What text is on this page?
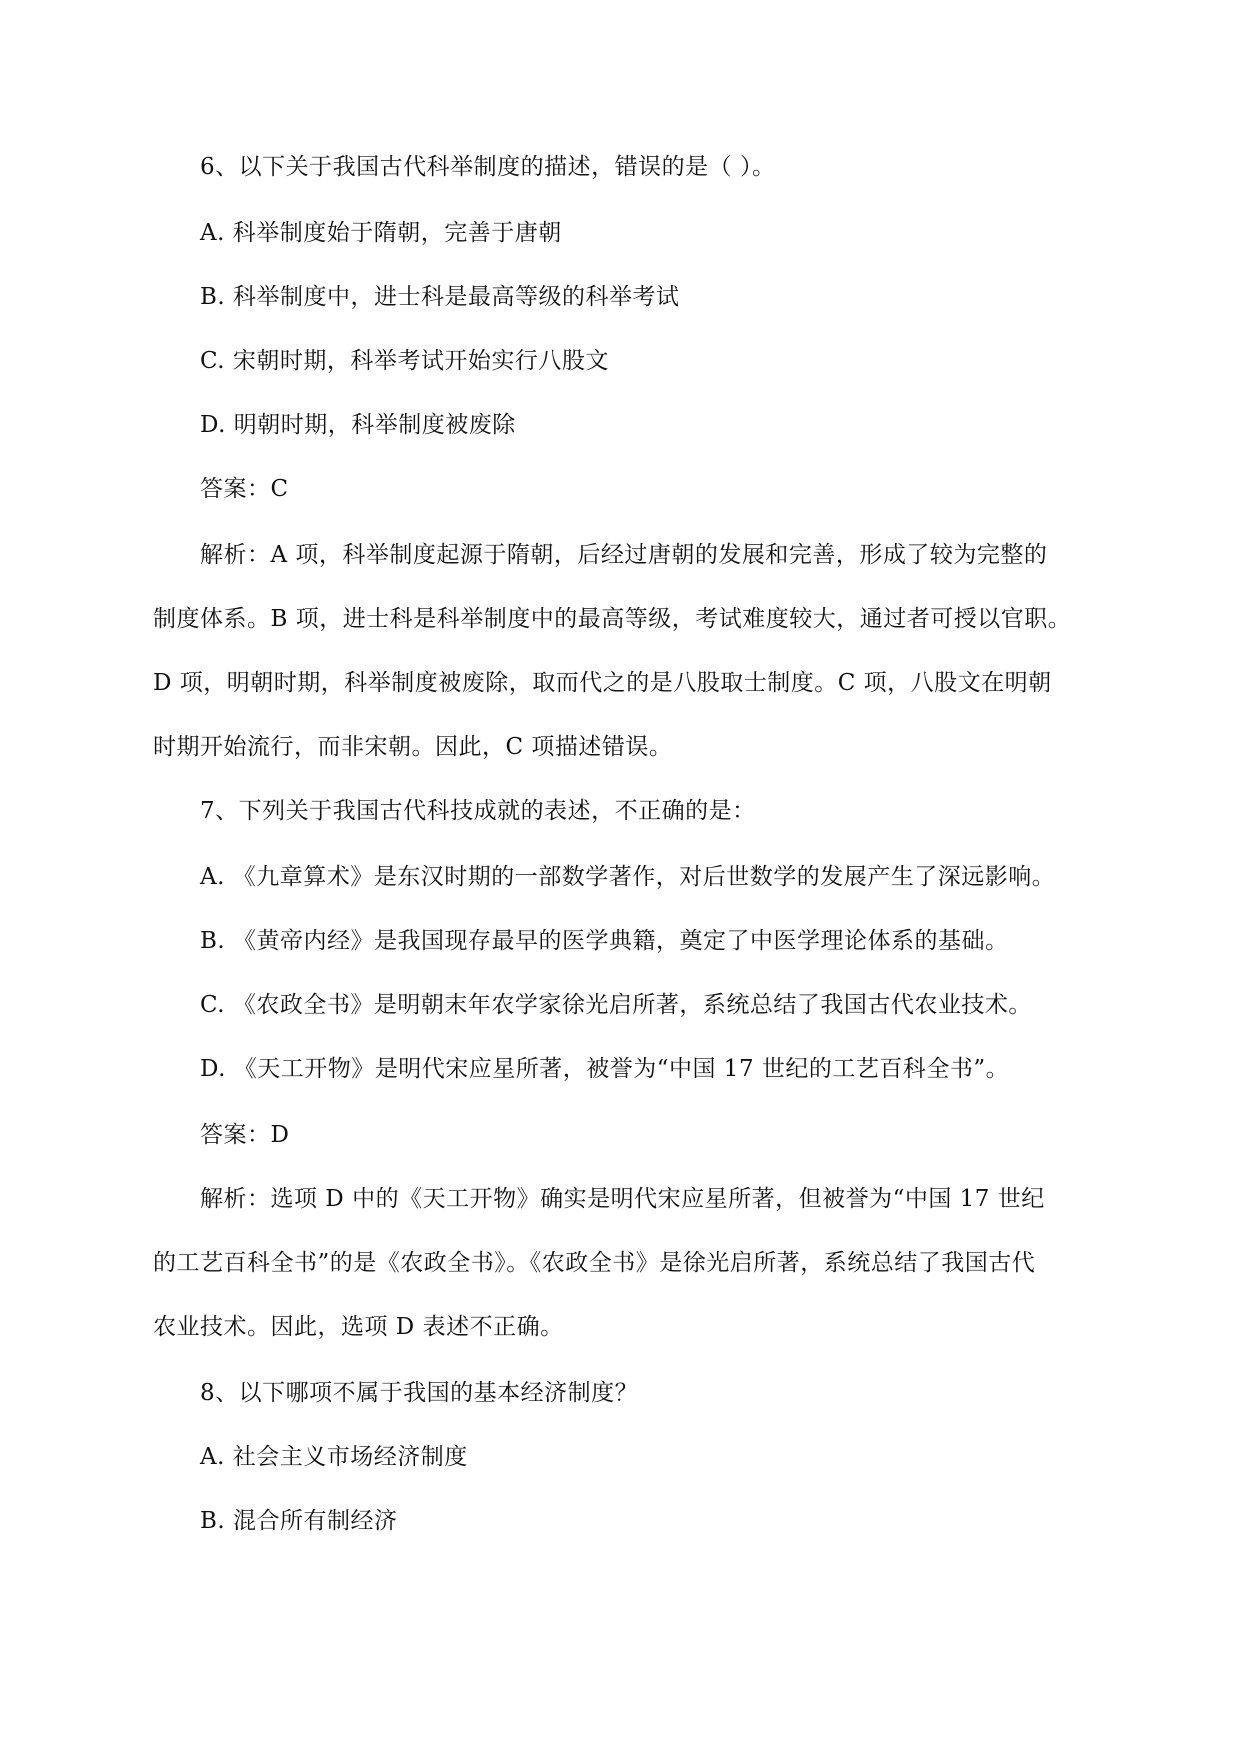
6、以下关于我国古代科举制度的描述，错误的是（ ）。
A. 科举制度始于隋朝，完善于唐朝
B. 科举制度中，进士科是最高等级的科举考试
C. 宋朝时期，科举考试开始实行八股文
D. 明朝时期，科举制度被废除
答案：C
解析：A 项，科举制度起源于隋朝，后经过唐朝的发展和完善，形成了较为完整的
制度体系。B 项，进士科是科举制度中的最高等级，考试难度较大，通过者可授以官职。
D 项，明朝时期，科举制度被废除，取而代之的是八股取士制度。C 项，八股文在明朝
时期开始流行，而非宋朝。因此，C 项描述错误。
7、下列关于我国古代科技成就的表述，不正确的是：
A. 《九章算术》是东汉时期的一部数学著作，对后世数学的发展产生了深远影响。
B. 《黄帝内经》是我国现存最早的医学典籍，奠定了中医学理论体系的基础。
C. 《农政全书》是明朝末年农学家徐光启所著，系统总结了我国古代农业技术。
D. 《天工开物》是明代宋应星所著，被誉为“中国 17 世纪的工艺百科全书”。
答案：D
解析：选项 D 中的《天工开物》确实是明代宋应星所著，但被誉为“中国 17 世纪
的工艺百科全书”的是《农政全书》。《农政全书》是徐光启所著，系统总结了我国古代
农业技术。因此，选项 D 表述不正确。
8、以下哪项不属于我国的基本经济制度？
A. 社会主义市场经济制度
B. 混合所有制经济
